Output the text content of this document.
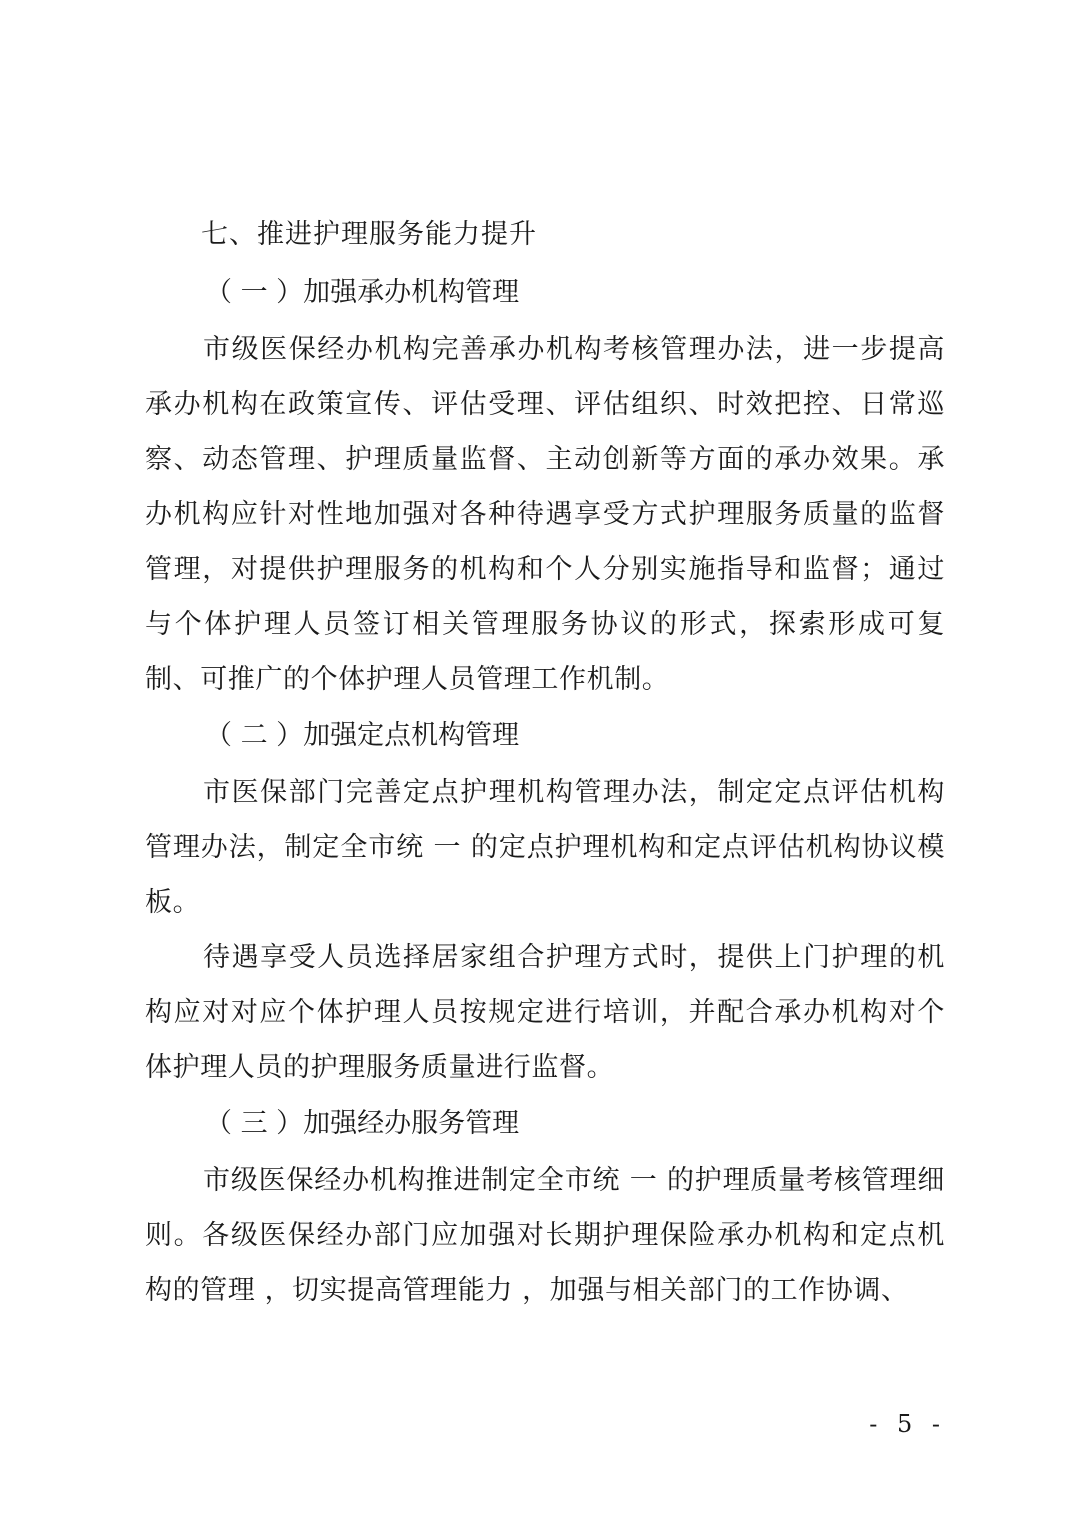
七、推进护理服务能力提升
（ 一 ）加强承办机构管理

市级医保经办机构完善承办机构考核管理办法，进一步提高承办机构在政策宣传、评估受理、评估组织、时效把控、日常巡察、动态管理、护理质量监督、主动创新等方面的承办效果。承办机构应针对性地加强对各种待遇享受方式护理服务质量的监督管理，对提供护理服务的机构和个人分别实施指导和监督；通过与个体护理人员签订相关管理服务协议的形式，探索形成可复制、可推广的个体护理人员管理工作机制。

（ 二 ）加强定点机构管理

市医保部门完善定点护理机构管理办法，制定定点评估机构管理办法，制定全市统 一 的定点护理机构和定点评估机构协议模板。

待遇享受人员选择居家组合护理方式时，提供上门护理的机构应对对应个体护理人员按规定进行培训，并配合承办机构对个体护理人员的护理服务质量进行监督。

（ 三 ）加强经办服务管理

市级医保经办机构推进制定全市统 一 的护理质量考核管理细则。各级医保经办部门应加强对长期护理保险承办机构和定点机构的管理 ，切实提高管理能力 ，加强与相关部门的工作协调、

- 5 -
